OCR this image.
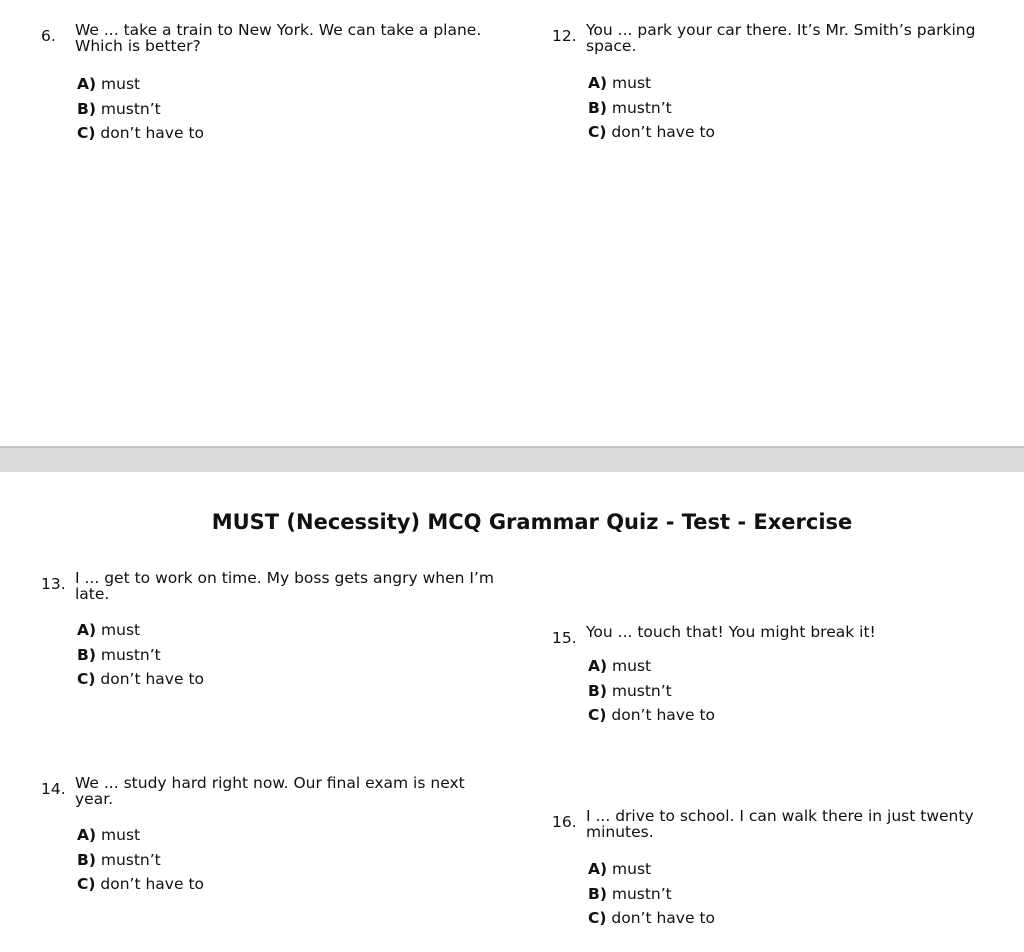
6. We ... take a train to New York. We can take a plane. Which is better?
A) must
B) mustn’t
C) don’t have to
12. You ... park your car there. It’s Mr. Smith’s parking space.
A) must
B) mustn’t
C) don’t have to
MUST (Necessity) MCQ Grammar Quiz - Test - Exercise
13. I ... get to work on time. My boss gets angry when I’m late.
A) must
B) mustn’t
C) don’t have to
15. You ... touch that! You might break it!
A) must
B) mustn’t
C) don’t have to
14. We ... study hard right now. Our final exam is next year.
A) must
B) mustn’t
C) don’t have to
16. I ... drive to school. I can walk there in just twenty minutes.
A) must
B) mustn’t
C) don’t have to
